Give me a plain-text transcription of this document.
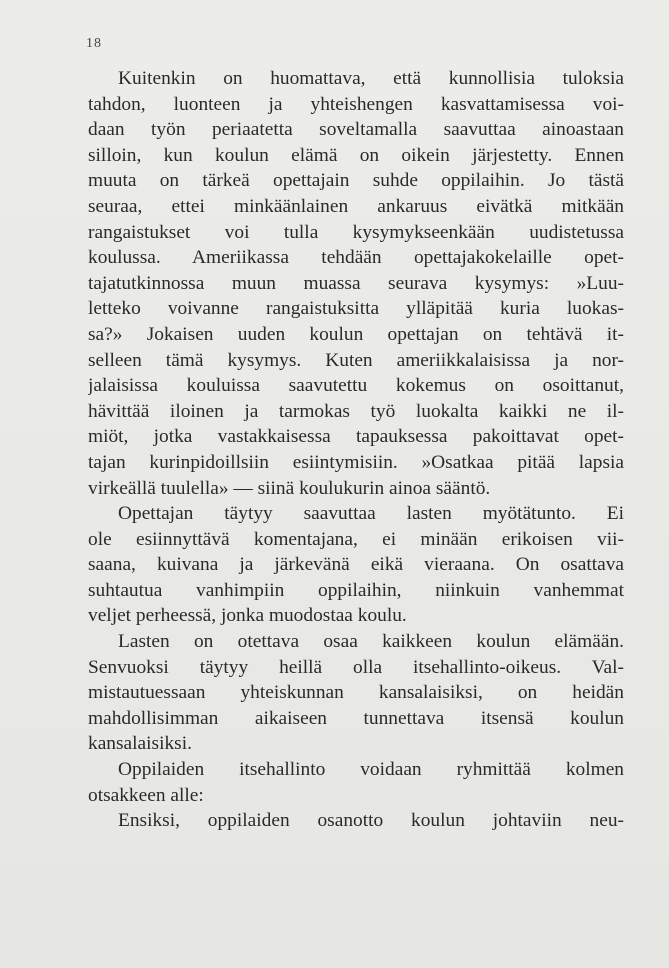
18
Kuitenkin on huomattava, että kunnollisia tuloksia
tahdon, luonteen ja yhteishengen kasvattamisessa voi-
daan työn periaatetta soveltamalla saavuttaa ainoastaan
silloin, kun koulun elämä on oikein järjestetty. Ennen
muuta on tärkeä opettajain suhde oppilaihin. Jo tästä
seuraa, ettei minkäänlainen ankaruus eivätkä mitkään
rangaistukset voi tulla kysymykseenkään uudistetussa
koulussa. Ameriikassa tehdään opettajakokelaille opet-
tajatutkinnossa muun muassa seurava kysymys: »Luu-
letteko voivanne rangaistuksitta ylläpitää kuria luokas-
sa?» Jokaisen uuden koulun opettajan on tehtävä it-
selleen tämä kysymys. Kuten ameriikkalaisissa ja nor-
jalaisissa kouluissa saavutettu kokemus on osoittanut,
hävittää iloinen ja tarmokas työ luokalta kaikki ne il-
miöt, jotka vastakkaisessa tapauksessa pakoittavat opet-
tajan kurinpidoillsiin esiintymisiin. »Osatkaa pitää lapsia
virkeällä tuulella» — siinä koulukurin ainoa sääntö.
Opettajan täytyy saavuttaa lasten myötätunto. Ei
ole esiinnyttävä komentajana, ei minään erikoisen vii-
saana, kuivana ja järkevänä eikä vieraana. On osattava
suhtautua vanhimpiin oppilaihin, niinkuin vanhemmat
veljet perheessä, jonka muodostaa koulu.
Lasten on otettava osaa kaikkeen koulun elämään.
Senvuoksi täytyy heillä olla itsehallinto-oikeus. Val-
mistautuessaan yhteiskunnan kansalaisiksi, on heidän
mahdollisimman aikaiseen tunnettava itsensä koulun
kansalaisiksi.
Oppilaiden itsehallinto voidaan ryhmittää kolmen
otsakkeen alle:
Ensiksi, oppilaiden osanotto koulun johtaviin neu-
